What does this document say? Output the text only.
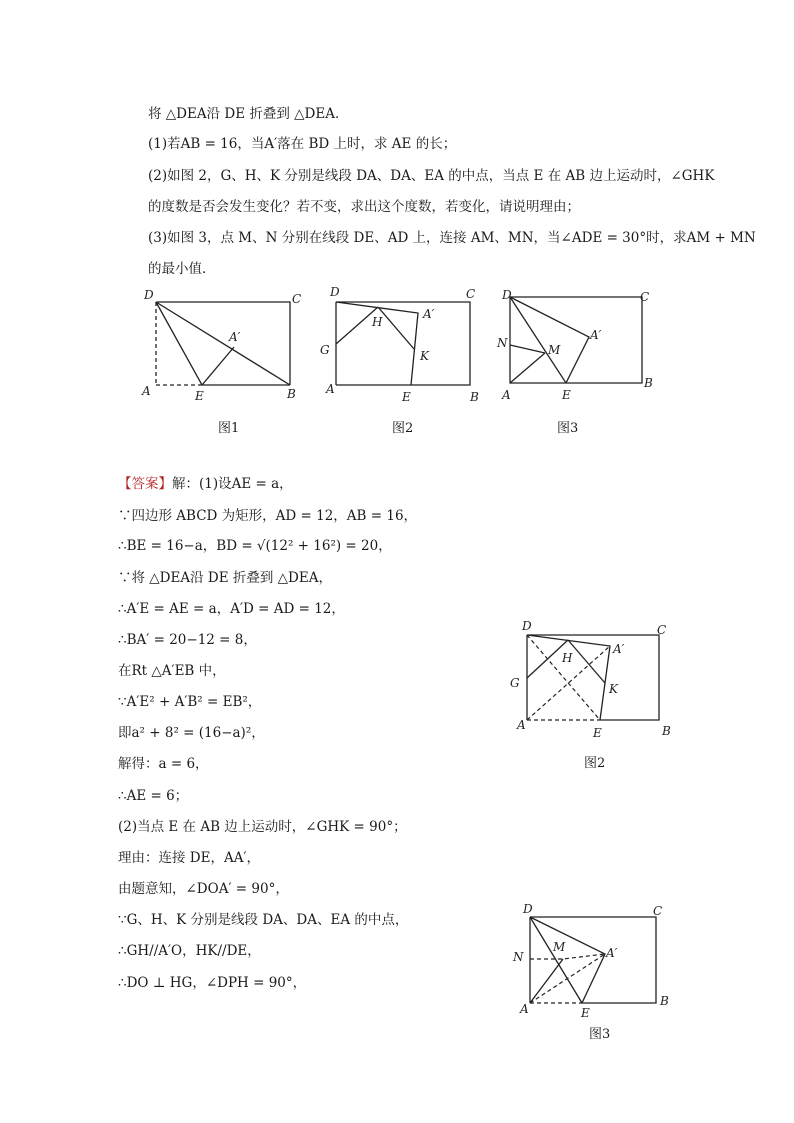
将 △DEA沿 DE 折叠到 △DEA．
(1)若AB = 16，当A′落在 BD 上时，求 AE 的长；
(2)如图 2，G、H、K 分别是线段 DA、DA、EA 的中点，当点 E 在 AB 边上运动时，∠GHK
的度数是否会发生变化？若不变，求出这个度数，若变化，请说明理由；
(3)如图 3，点 M、N 分别在线段 DE、AD 上，连接 AM、MN，当∠ADE = 30°时，求AM + MN
的最小值．
D	C
A	E	B
A′
图1
D	C
H
A′
G	K
A
E	B
图2
D	C
A′
N	M
A	E
B
图3
【答案】解：(1)设AE = a，
∵四边形 ABCD 为矩形，AD = 12，AB = 16，
∴BE = 16−a，BD = √(12² + 16²) = 20，
∵将 △DEA沿 DE 折叠到 △DEA，
∴A′E = AE = a，A′D = AD = 12，
∴BA′ = 20−12 = 8，
在Rt △A′EB 中，
∵A′E² + A′B² = EB²，
即a² + 8² = (16−a)²，
解得：a = 6，
∴AE = 6；
(2)当点 E 在 AB 边上运动时，∠GHK = 90°；
理由：连接 DE，AA′，
由题意知，∠DOA′ = 90°，
∵G、H、K 分别是线段 DA、DA、EA 的中点，
∴GH//A′O，HK//DE，
∴DO ⊥ HG，∠DPH = 90°，
D	C
H
A′
G	K
A
E	B
图2
D	C
M	A′
N
A	E
B
图3
